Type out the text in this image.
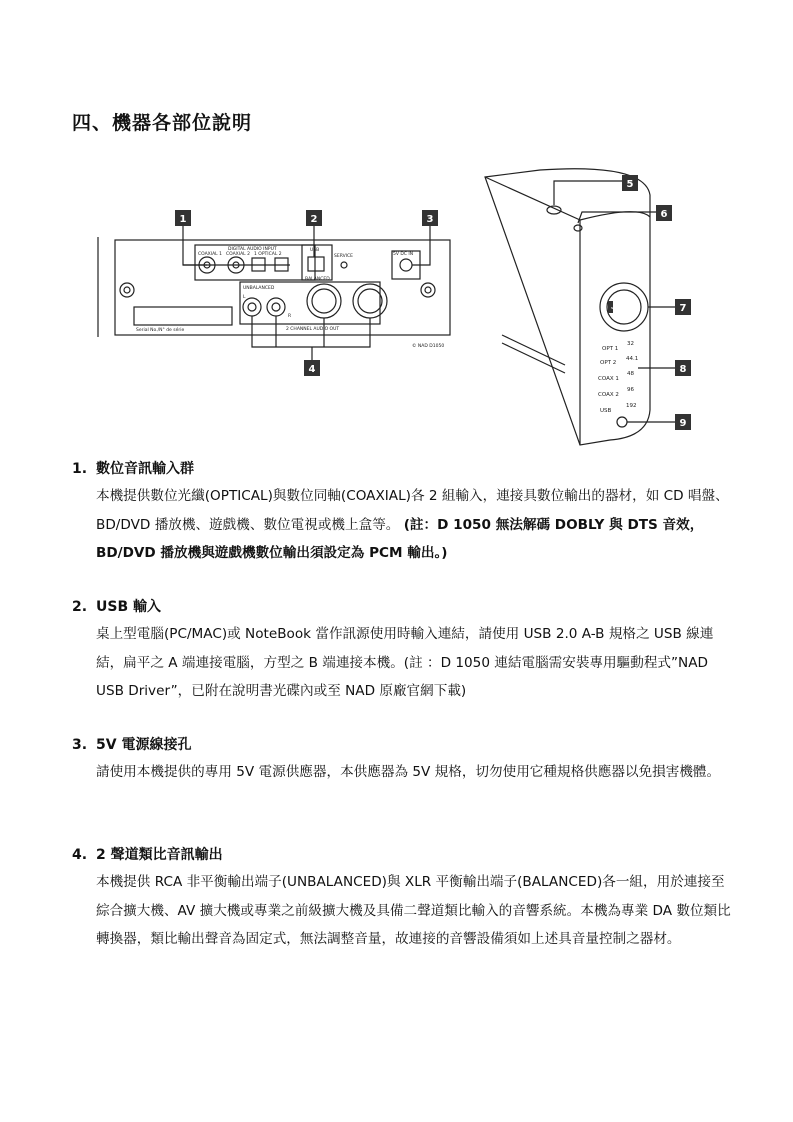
四、機器各部位說明
1	2	3
4
5
6
7
8
9
DIGITAL AUDIO INPUT
COAXIAL 1 COAXIAL 2 1 OPTICAL 2
USB
SERVICE	5V DC IN
BALANCED
UNBALANCED
L
R
2 CHANNEL AUDIO OUT
Serial No./N° de série
© NAD D1050	OPT 1
OPT 2
COAX 1
COAX 2
USB
32
44.1
48
96
192
NAD
1. 數位音訊輸入群
本機提供數位光纖(OPTICAL)與數位同軸(COAXIAL)各 2 組輸入，連接具數位輸出的器材，如 CD 唱盤、BD/DVD 播放機、遊戲機、數位電視或機上盒等。 (註：D 1050 無法解碼 DOBLY 與 DTS 音效，BD/DVD 播放機與遊戲機數位輸出須設定為 PCM 輸出。)
2. USB 輸入
桌上型電腦(PC/MAC)或 NoteBook 當作訊源使用時輸入連結，請使用 USB 2.0 A-B 規格之 USB 線連結，扁平之 A 端連接電腦，方型之 B 端連接本機。(註 ：D 1050 連結電腦需安裝專用驅動程式”NAD USB Driver”，已附在說明書光碟內或至 NAD 原廠官網下載)
3. 5V 電源線接孔
請使用本機提供的專用 5V 電源供應器，本供應器為 5V 規格，切勿使用它種規格供應器以免損害機體。
4. 2 聲道類比音訊輸出
本機提供 RCA 非平衡輸出端子(UNBALANCED)與 XLR 平衡輸出端子(BALANCED)各一組，用於連接至綜合擴大機、AV 擴大機或專業之前級擴大機及具備二聲道類比輸入的音響系統。本機為專業 DA 數位類比轉換器，類比輸出聲音為固定式，無法調整音量，故連接的音響設備須如上述具音量控制之器材。
